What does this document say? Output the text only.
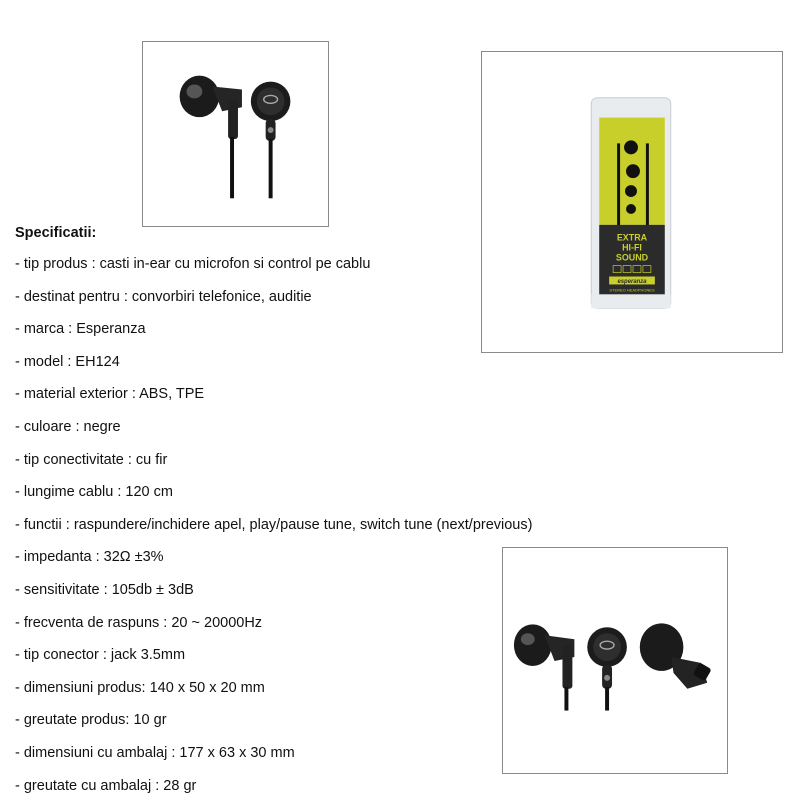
EXTRA
HI-FI
SOUND
esperanza
STEREO HEADPHONES
Specificatii:
- tip produs : casti in-ear cu microfon si control pe cablu
- destinat pentru : convorbiri telefonice, auditie
- marca : Esperanza
- model : EH124
- material exterior : ABS, TPE
- culoare : negre
- tip conectivitate : cu fir
- lungime cablu : 120 cm
- functii : raspundere/inchidere apel, play/pause tune, switch tune (next/previous)
- impedanta : 32Ω ±3%
- sensitivitate : 105db ± 3dB
- frecventa de raspuns : 20 ~ 20000Hz
- tip conector : jack 3.5mm
- dimensiuni produs: 140 x 50 x 20 mm
- greutate produs: 10 gr
- dimensiuni cu ambalaj : 177 x 63 x 30 mm
- greutate cu ambalaj : 28 gr
